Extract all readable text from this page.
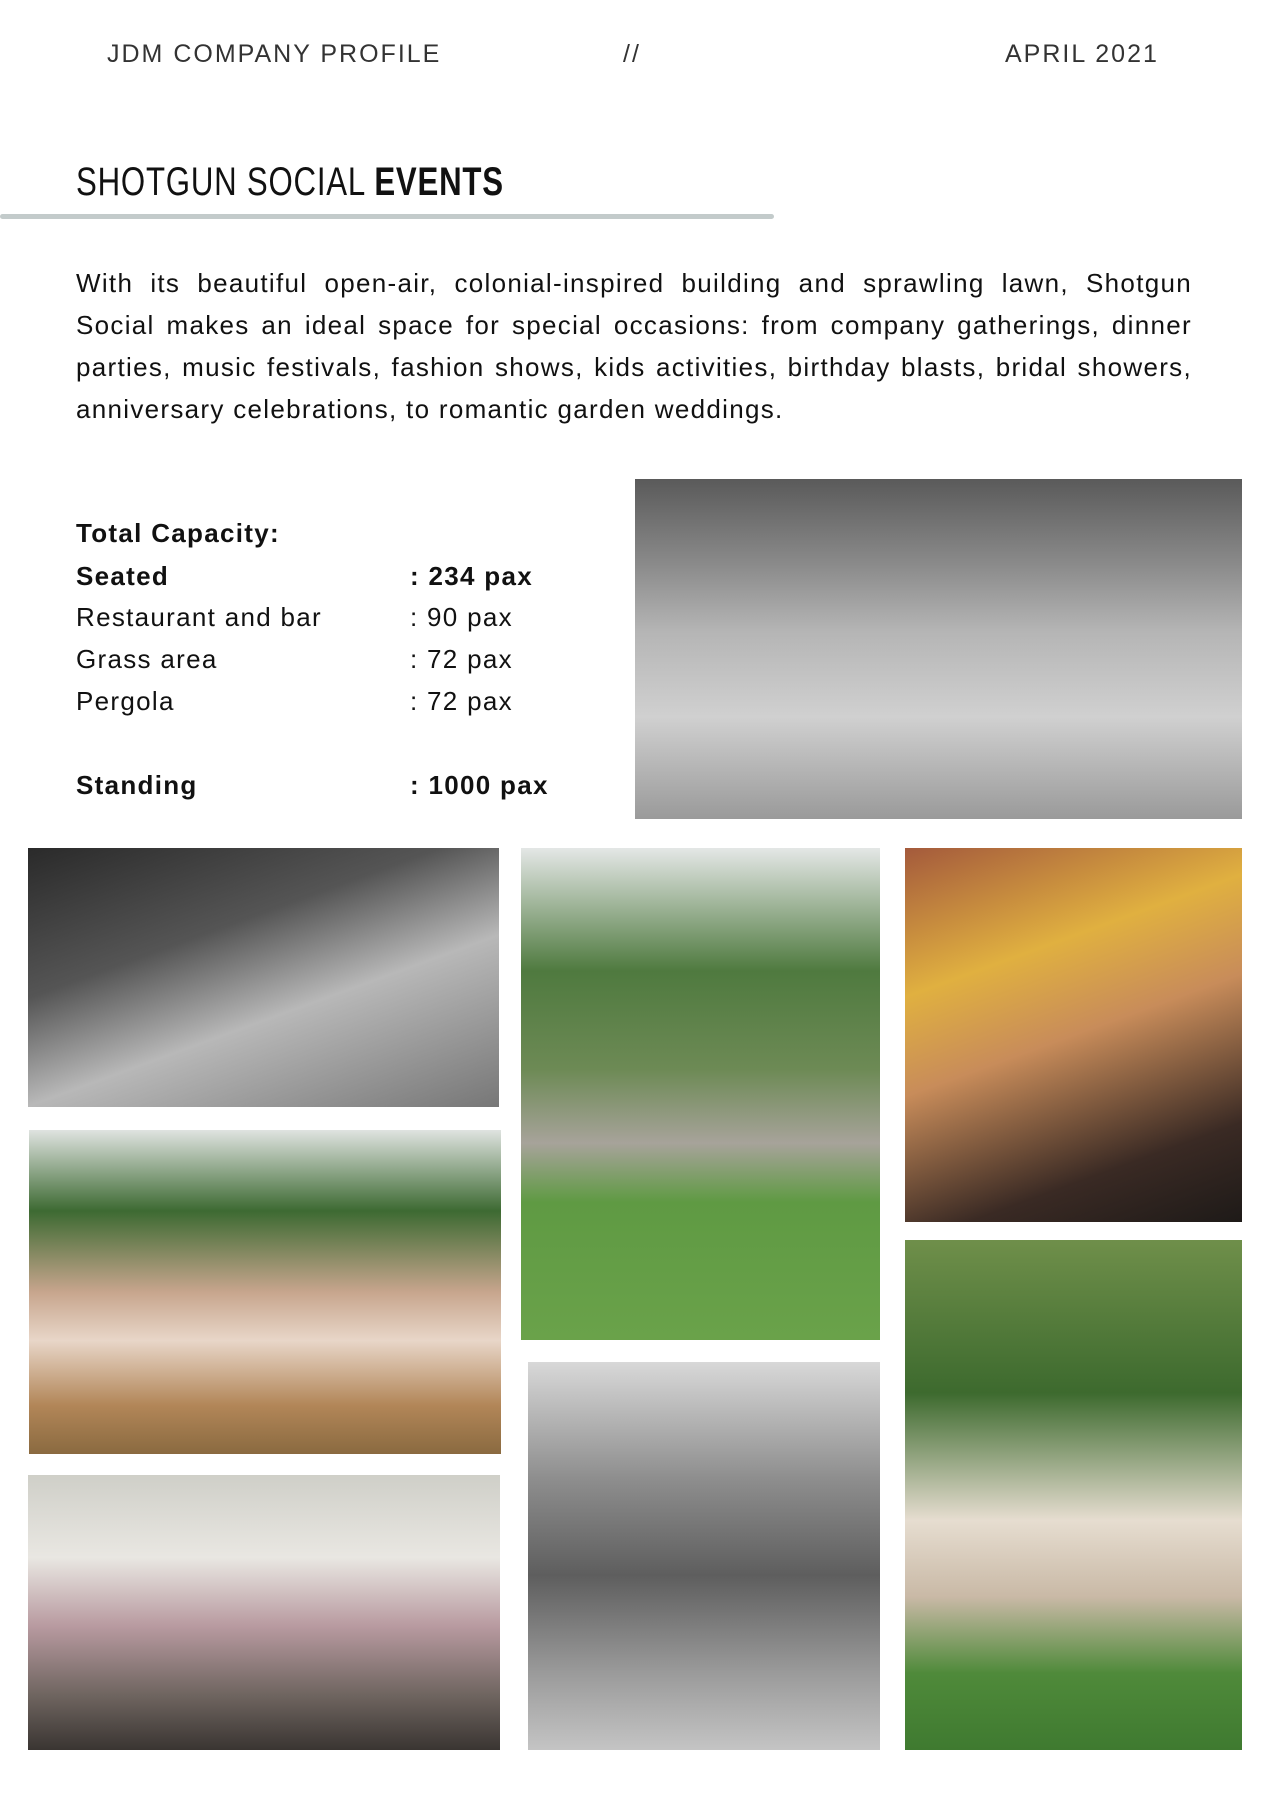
JDM COMPANY PROFILE	//	APRIL 2021
SHOTGUN SOCIAL EVENTS
With its beautiful open-air, colonial-inspired building and sprawling lawn, Shotgun Social makes an ideal space for special occasions: from company gatherings, dinner parties, music festivals, fashion shows, kids activities, birthday blasts, bridal showers, anniversary celebrations, to romantic garden weddings.
Total Capacity:
Seated	: 234 pax
Restaurant and bar	: 90 pax
Grass area	: 72 pax
Pergola	: 72 pax
Standing	: 1000 pax
